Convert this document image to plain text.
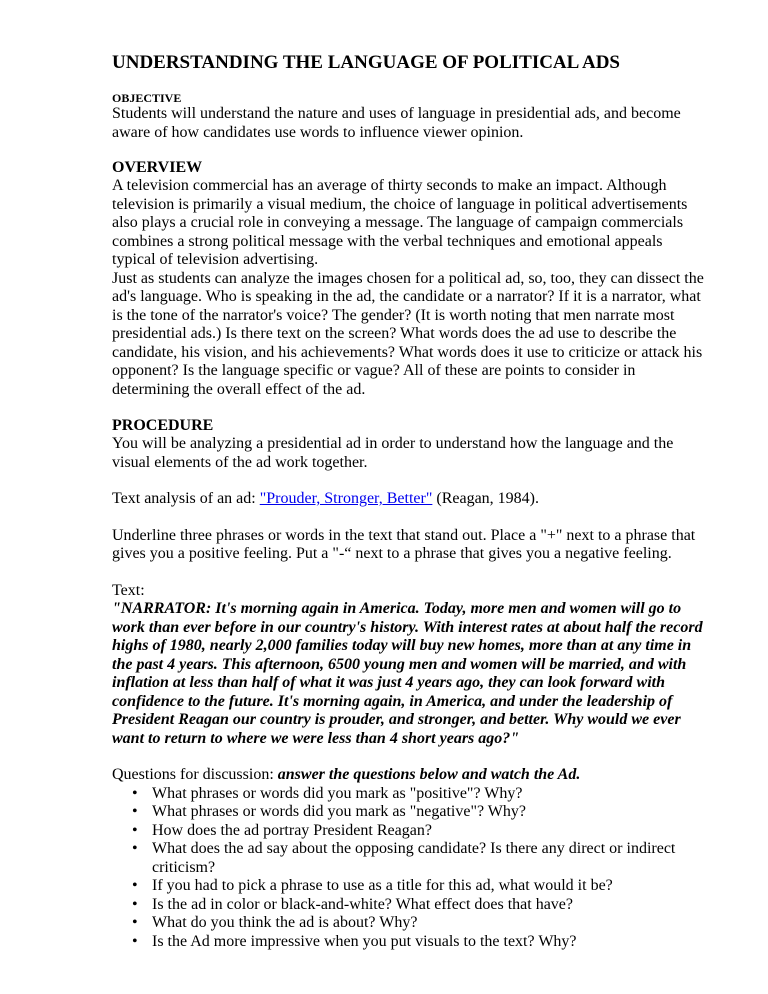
UNDERSTANDING THE LANGUAGE OF POLITICAL ADS
OBJECTIVE

Students will understand the nature and uses of language in presidential ads, and become aware of how candidates use words to influence viewer opinion.

OVERVIEW

A television commercial has an average of thirty seconds to make an impact. Although television is primarily a visual medium, the choice of language in political advertisements also plays a crucial role in conveying a message. The language of campaign commercials combines a strong political message with the verbal techniques and emotional appeals typical of television advertising.

Just as students can analyze the images chosen for a political ad, so, too, they can dissect the ad's language. Who is speaking in the ad, the candidate or a narrator? If it is a narrator, what is the tone of the narrator's voice? The gender? (It is worth noting that men narrate most presidential ads.) Is there text on the screen? What words does the ad use to describe the candidate, his vision, and his achievements? What words does it use to criticize or attack his opponent? Is the language specific or vague? All of these are points to consider in determining the overall effect of the ad.

PROCEDURE

You will be analyzing a presidential ad in order to understand how the language and the visual elements of the ad work together.

Text analysis of an ad: "Prouder, Stronger, Better" (Reagan, 1984).

Underline three phrases or words in the text that stand out. Place a "+" next to a phrase that gives you a positive feeling. Put a "-“ next to a phrase that gives you a negative feeling.

Text:

"NARRATOR: It's morning again in America. Today, more men and women will go to work than ever before in our country's history. With interest rates at about half the record highs of 1980, nearly 2,000 families today will buy new homes, more than at any time in the past 4 years. This afternoon, 6500 young men and women will be married, and with inflation at less than half of what it was just 4 years ago, they can look forward with confidence to the future. It's morning again, in America, and under the leadership of President Reagan our country is prouder, and stronger, and better. Why would we ever want to return to where we were less than 4 short years ago?"

Questions for discussion: answer the questions below and watch the Ad.

• What phrases or words did you mark as "positive"? Why?
• What phrases or words did you mark as "negative"? Why?
• How does the ad portray President Reagan?
• What does the ad say about the opposing candidate? Is there any direct or indirect criticism?
• If you had to pick a phrase to use as a title for this ad, what would it be?
• Is the ad in color or black-and-white? What effect does that have?
• What do you think the ad is about? Why?
• Is the Ad more impressive when you put visuals to the text? Why?
